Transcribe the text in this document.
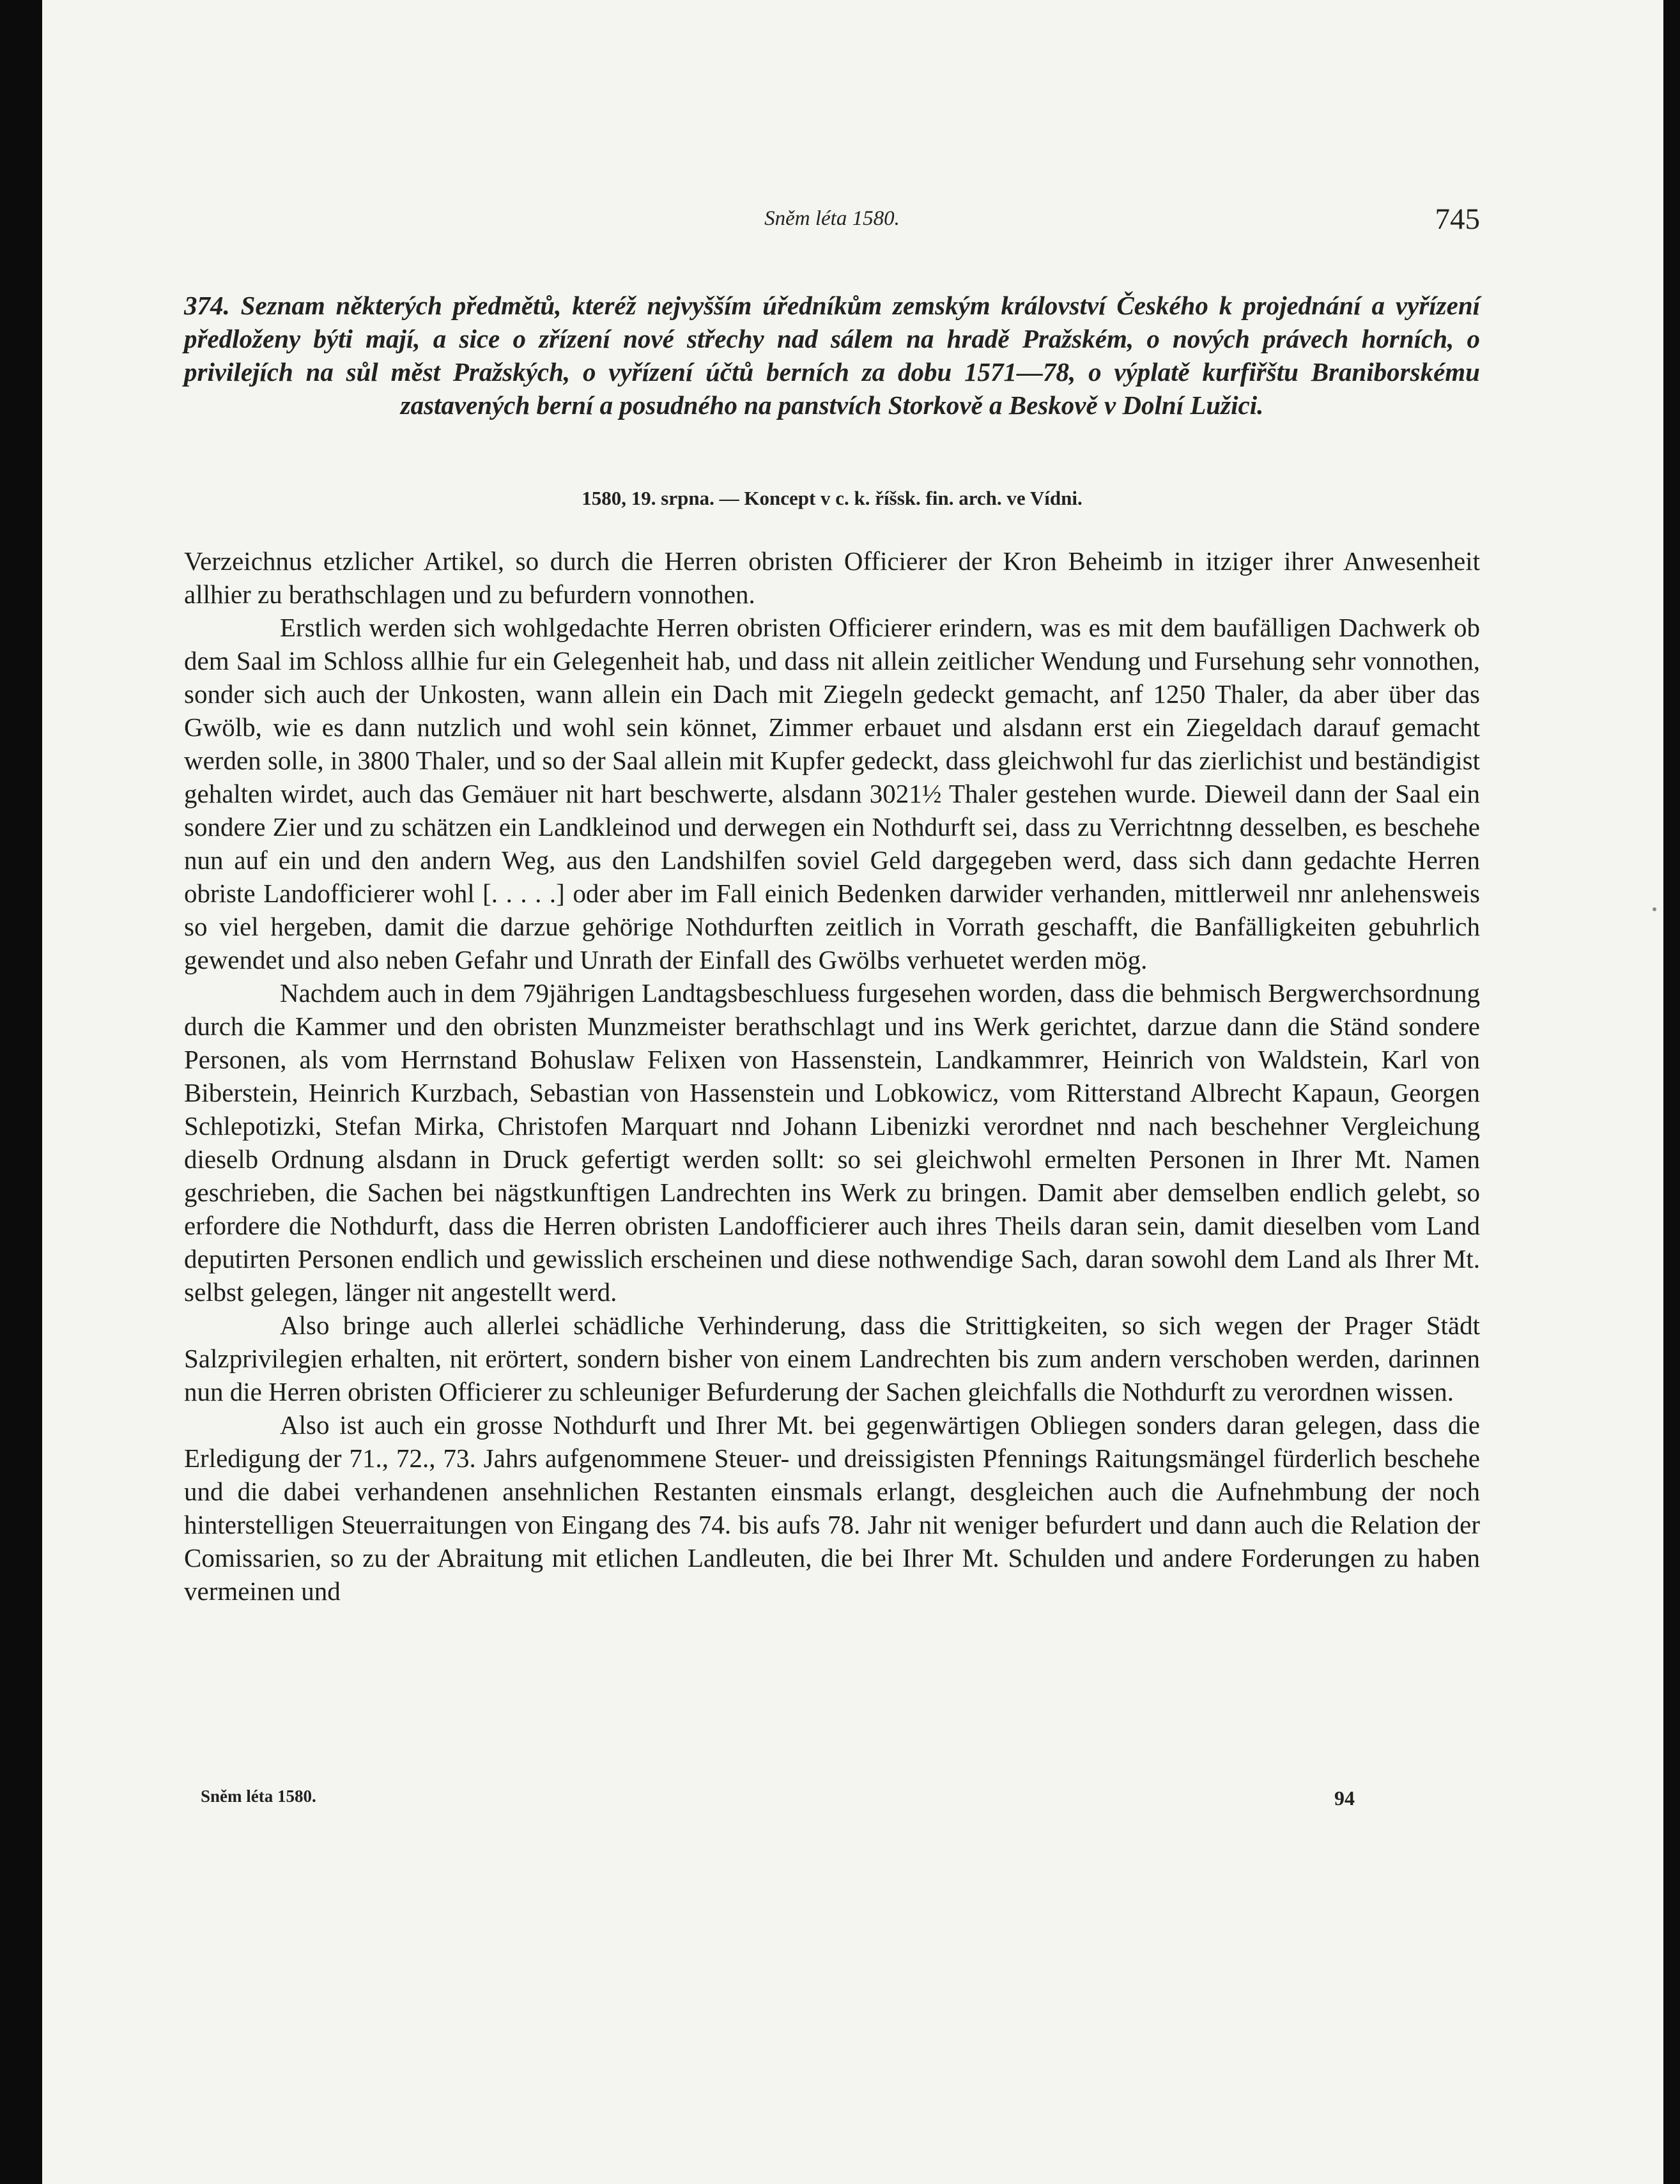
Sněm léta 1580.	745
374. Seznam některých předmětů, kteréž nejvyšším úředníkům zemským království Českého k projednání a vyřízení předloženy býti mají, a sice o zřízení nové střechy nad sálem na hradě Pražském, o nových právech horních, o privilejích na sůl měst Pražských, o vyřízení účtů berních za dobu 1571—78, o výplatě kurfiřštu Braniborskému zastavených berní a posudného na panstvích Storkově a Beskově v Dolní Lužici.
1580, 19. srpna. — Koncept v c. k. říšsk. fin. arch. ve Vídni.

Verzeichnus etzlicher Artikel, so durch die Herren obristen Officierer der Kron Beheimb in itziger ihrer Anwesenheit allhier zu berathschlagen und zu befurdern vonnothen.

Erstlich werden sich wohlgedachte Herren obristen Officierer erindern, was es mit dem baufälligen Dachwerk ob dem Saal im Schloss allhie fur ein Gelegenheit hab, und dass nit allein zeitlicher Wendung und Fursehung sehr vonnothen, sonder sich auch der Unkosten, wann allein ein Dach mit Ziegeln gedeckt gemacht, anf 1250 Thaler, da aber über das Gwölb, wie es dann nutzlich und wohl sein könnet, Zimmer erbauet und alsdann erst ein Ziegeldach darauf gemacht werden solle, in 3800 Thaler, und so der Saal allein mit Kupfer gedeckt, dass gleichwohl fur das zierlichist und beständigist gehalten wirdet, auch das Gemäuer nit hart beschwerte, alsdann 3021½ Thaler gestehen wurde. Dieweil dann der Saal ein sondere Zier und zu schätzen ein Landkleinod und derwegen ein Nothdurft sei, dass zu Verrichtnng desselben, es beschehe nun auf ein und den andern Weg, aus den Landshilfen soviel Geld dargegeben werd, dass sich dann gedachte Herren obriste Landofficierer wohl [. . . . .] oder aber im Fall einich Bedenken darwider verhanden, mittlerweil nnr anlehensweis so viel hergeben, damit die darzue gehörige Nothdurften zeitlich in Vorrath geschafft, die Banfälligkeiten gebuhrlich gewendet und also neben Gefahr und Unrath der Einfall des Gwölbs verhuetet werden mög.

Nachdem auch in dem 79jährigen Landtagsbeschluess furgesehen worden, dass die behmisch Bergwerchsordnung durch die Kammer und den obristen Munzmeister berathschlagt und ins Werk gerichtet, darzue dann die Ständ sondere Personen, als vom Herrnstand Bohuslaw Felixen von Hassenstein, Landkammrer, Heinrich von Waldstein, Karl von Biberstein, Heinrich Kurzbach, Sebastian von Hassenstein und Lobkowicz, vom Ritterstand Albrecht Kapaun, Georgen Schlepotizki, Stefan Mirka, Christofen Marquart nnd Johann Libenizki verordnet nnd nach beschehner Vergleichung dieselb Ordnung alsdann in Druck gefertigt werden sollt: so sei gleichwohl ermelten Personen in Ihrer Mt. Namen geschrieben, die Sachen bei nägstkunftigen Landrechten ins Werk zu bringen. Damit aber demselben endlich gelebt, so erfordere die Nothdurft, dass die Herren obristen Landofficierer auch ihres Theils daran sein, damit dieselben vom Land deputirten Personen endlich und gewisslich erscheinen und diese nothwendige Sach, daran sowohl dem Land als Ihrer Mt. selbst gelegen, länger nit angestellt werd.

Also bringe auch allerlei schädliche Verhinderung, dass die Strittigkeiten, so sich wegen der Prager Städt Salzprivilegien erhalten, nit erörtert, sondern bisher von einem Landrechten bis zum andern verschoben werden, darinnen nun die Herren obristen Officierer zu schleuniger Befurderung der Sachen gleichfalls die Nothdurft zu verordnen wissen.

Also ist auch ein grosse Nothdurft und Ihrer Mt. bei gegenwärtigen Obliegen sonders daran gelegen, dass die Erledigung der 71., 72., 73. Jahrs aufgenommene Steuer- und dreissigisten Pfennings Raitungsmängel fürderlich beschehe und die dabei verhandenen ansehnlichen Restanten einsmals erlangt, desgleichen auch die Aufnehmbung der noch hinterstelligen Steuerraitungen von Eingang des 74. bis aufs 78. Jahr nit weniger befurdert und dann auch die Relation der Comissarien, so zu der Abraitung mit etlichen Landleuten, die bei Ihrer Mt. Schulden und andere Forderungen zu haben vermeinen und

Sněm léta 1580.	94
